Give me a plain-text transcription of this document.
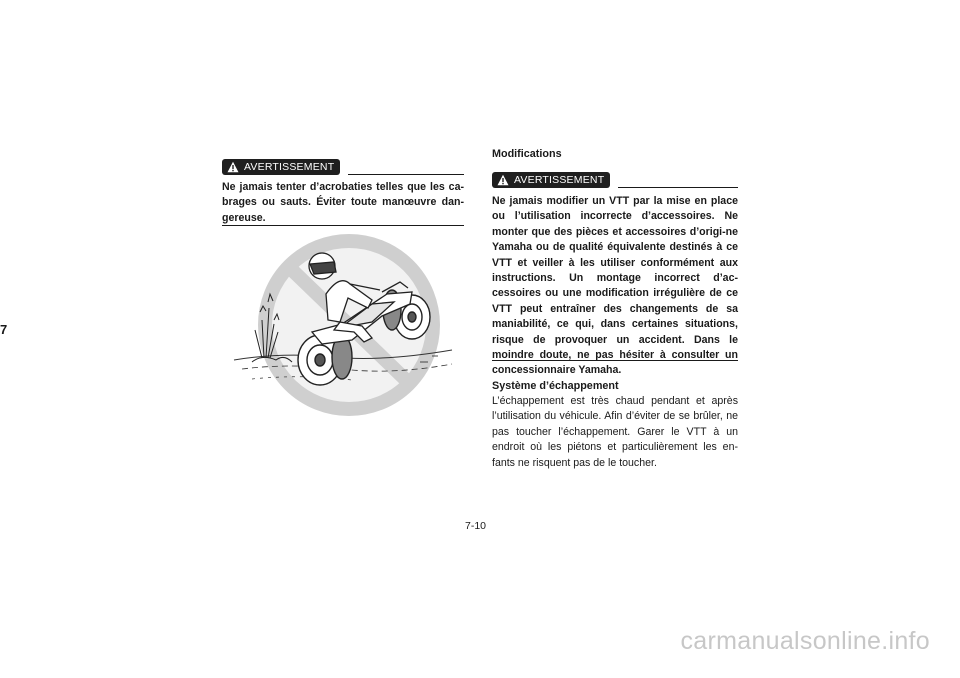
7
AVERTISSEMENT
Ne jamais tenter d’acrobaties telles que les ca-brages ou sauts. Éviter toute manœuvre dan-gereuse.
Modifications
AVERTISSEMENT
Ne jamais modifier un VTT par la mise en place ou l’utilisation incorrecte d’accessoires. Ne monter que des pièces et accessoires d’origi-ne Yamaha ou de qualité équivalente destinés à ce VTT et veiller à les utiliser conformément aux instructions. Un montage incorrect d’ac-cessoires ou une modification irrégulière de ce VTT peut entraîner des changements de sa maniabilité, ce qui, dans certaines situations, risque de provoquer un accident. Dans le moindre doute, ne pas hésiter à consulter un concessionnaire Yamaha.
Système d’échappement
L’échappement est très chaud pendant et après l’utilisation du véhicule. Afin d’éviter de se brûler, ne pas toucher l’échappement. Garer le VTT à un endroit où les piétons et particulièrement les en-fants ne risquent pas de le toucher.
7-10
carmanualsonline.info
